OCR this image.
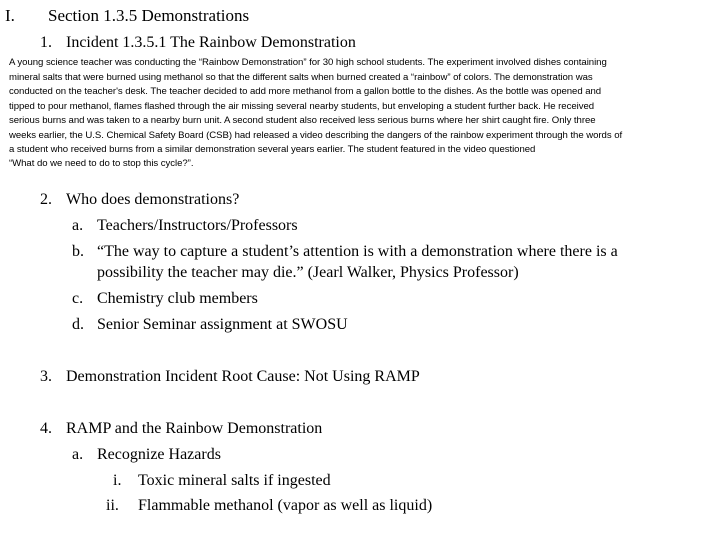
I. Section 1.3.5 Demonstrations
1. Incident 1.3.5.1 The Rainbow Demonstration
A young science teacher was conducting the “Rainbow Demonstration” for 30 high school students. The experiment involved dishes containing
mineral salts that were burned using methanol so that the different salts when burned created a “rainbow” of colors. The demonstration was
conducted on the teacher's desk. The teacher decided to add more methanol from a gallon bottle to the dishes. As the bottle was opened and
tipped to pour methanol, flames flashed through the air missing several nearby students, but enveloping a student further back. He received
serious burns and was taken to a nearby burn unit. A second student also received less serious burns where her shirt caught fire. Only three
weeks earlier, the U.S. Chemical Safety Board (CSB) had released a video describing the dangers of the rainbow experiment through the words of
a student who received burns from a similar demonstration several years earlier. The student featured in the video questioned
“What do we need to do to stop this cycle?”.
2. Who does demonstrations?
a. Teachers/Instructors/Professors
b. “The way to capture a student’s attention is with a demonstration where there is a
possibility the teacher may die.” (Jearl Walker, Physics Professor)
c. Chemistry club members
d. Senior Seminar assignment at SWOSU
3. Demonstration Incident Root Cause: Not Using RAMP
4. RAMP and the Rainbow Demonstration
a. Recognize Hazards
i. Toxic mineral salts if ingested
ii. Flammable methanol (vapor as well as liquid)
